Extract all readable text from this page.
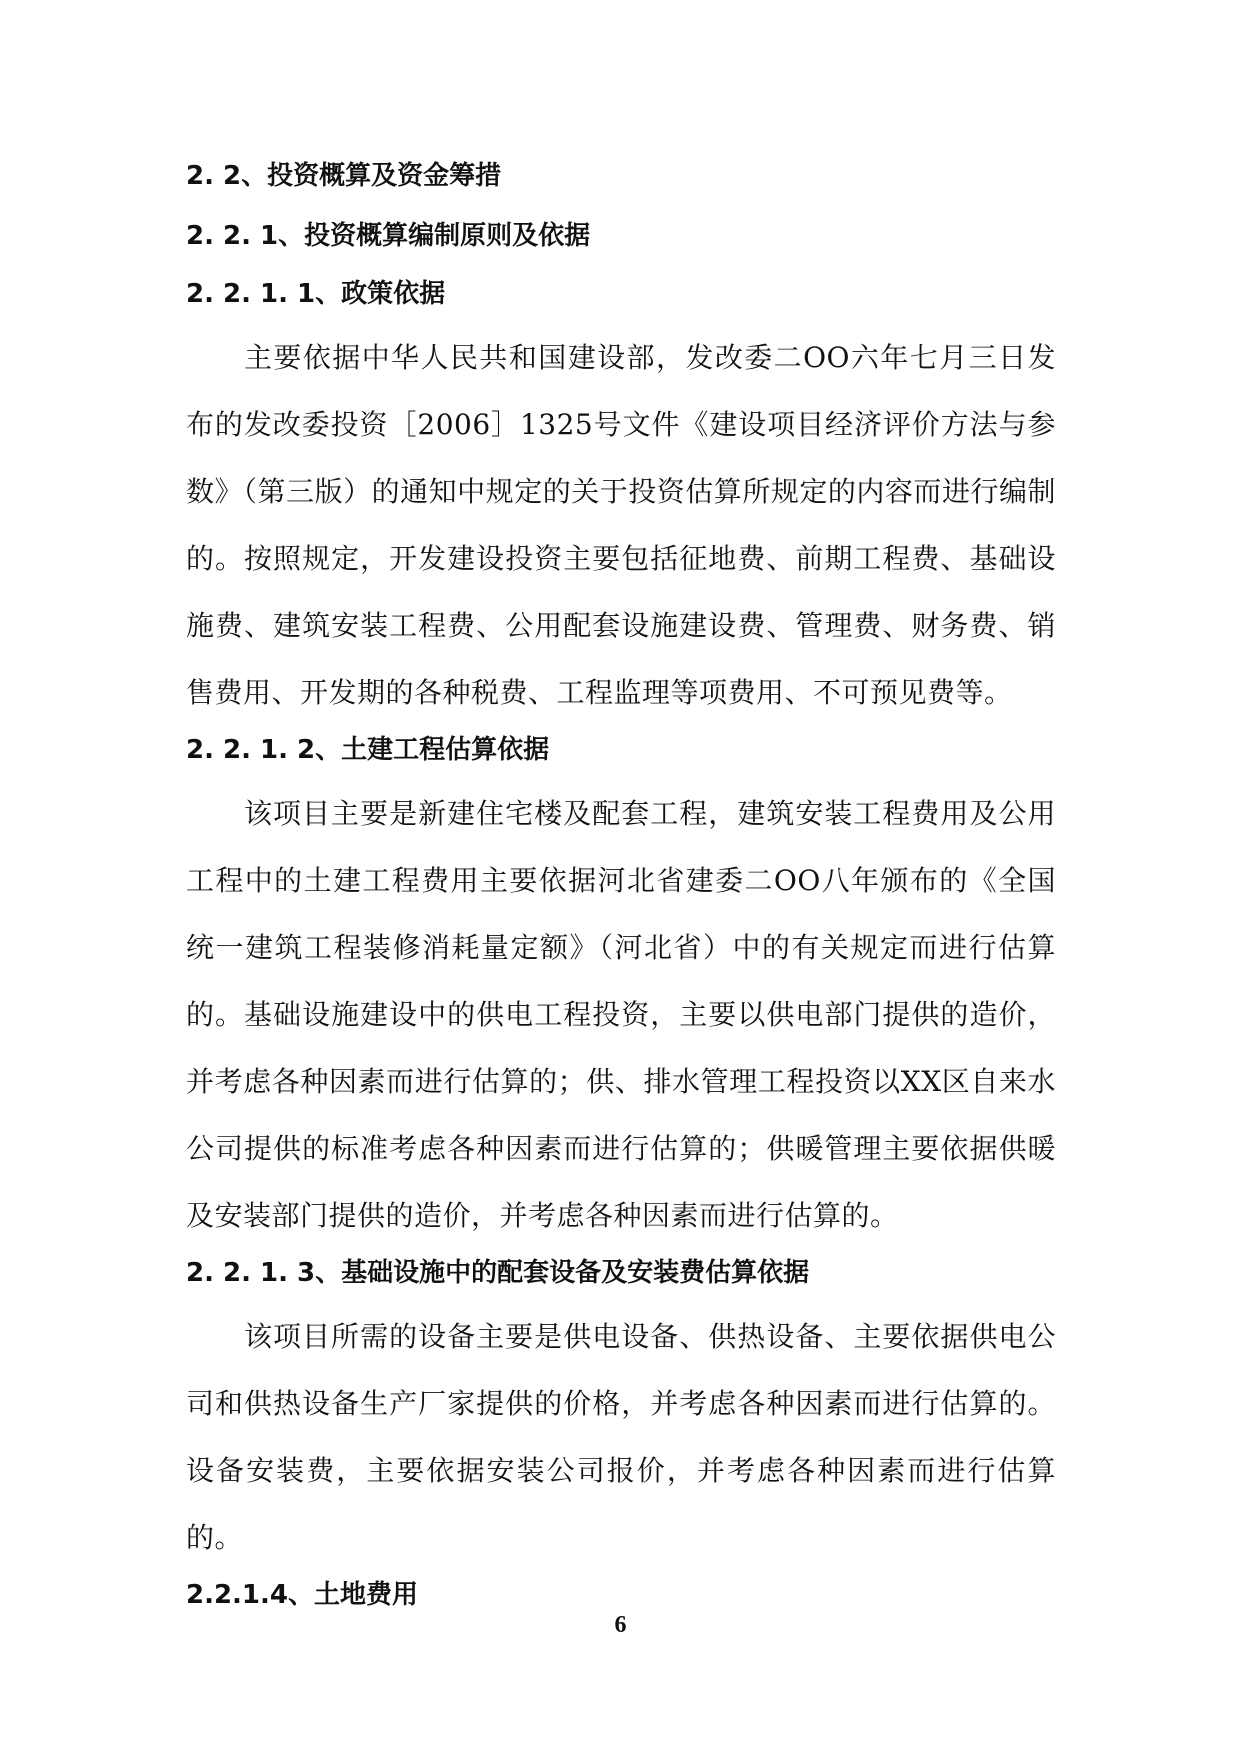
2. 2、投资概算及资金筹措
2. 2. 1、投资概算编制原则及依据
2. 2. 1. 1、政策依据

主要依据中华人民共和国建设部，发改委二OO六年七月三日发布的发改委投资［2006］1325号文件《建设项目经济评价方法与参数》（第三版）的通知中规定的关于投资估算所规定的内容而进行编制的。按照规定，开发建设投资主要包括征地费、前期工程费、基础设施费、建筑安装工程费、公用配套设施建设费、管理费、财务费、销售费用、开发期的各种税费、工程监理等项费用、不可预见费等。

2. 2. 1. 2、土建工程估算依据

该项目主要是新建住宅楼及配套工程，建筑安装工程费用及公用工程中的土建工程费用主要依据河北省建委二OO八年颁布的《全国统一建筑工程装修消耗量定额》（河北省）中的有关规定而进行估算的。基础设施建设中的供电工程投资，主要以供电部门提供的造价，并考虑各种因素而进行估算的；供、排水管理工程投资以XX区自来水公司提供的标准考虑各种因素而进行估算的；供暖管理主要依据供暖及安装部门提供的造价，并考虑各种因素而进行估算的。

2. 2. 1. 3、基础设施中的配套设备及安装费估算依据

该项目所需的设备主要是供电设备、供热设备、主要依据供电公司和供热设备生产厂家提供的价格，并考虑各种因素而进行估算的。设备安装费，主要依据安装公司报价，并考虑各种因素而进行估算的。

2.2.1.4、土地费用
6
